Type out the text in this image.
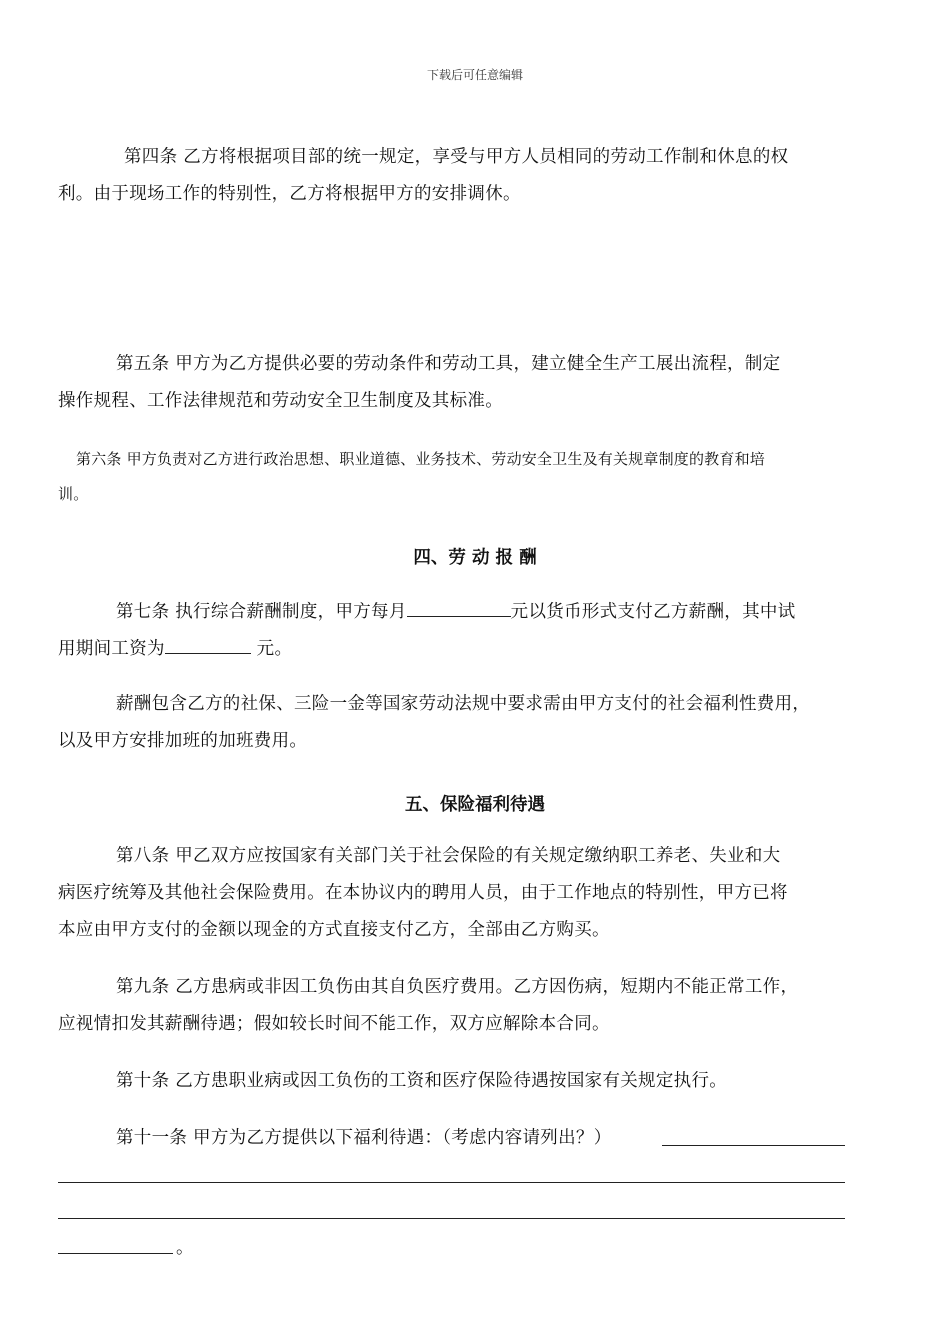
下载后可任意编辑
第四条 乙方将根据项目部的统一规定，享受与甲方人员相同的劳动工作制和休息的权
利。由于现场工作的特别性，乙方将根据甲方的安排调休。
第五条 甲方为乙方提供必要的劳动条件和劳动工具，建立健全生产工展出流程，制定
操作规程、工作法律规范和劳动安全卫生制度及其标准。
第六条 甲方负责对乙方进行政治思想、职业道德、业务技术、劳动安全卫生及有关规章制度的教育和培
训。
四、劳 动 报 酬
第七条 执行综合薪酬制度，甲方每月	元以货币形式支付乙方薪酬，其中试
用期间工资为	元。
薪酬包含乙方的社保、三险一金等国家劳动法规中要求需由甲方支付的社会福利性费用，
以及甲方安排加班的加班费用。
五、保险福利待遇
第八条 甲乙双方应按国家有关部门关于社会保险的有关规定缴纳职工养老、失业和大
病医疗统筹及其他社会保险费用。在本协议内的聘用人员，由于工作地点的特别性，甲方已将
本应由甲方支付的金额以现金的方式直接支付乙方，全部由乙方购买。
第九条 乙方患病或非因工负伤由其自负医疗费用。乙方因伤病，短期内不能正常工作，
应视情扣发其薪酬待遇；假如较长时间不能工作，双方应解除本合同。
第十条 乙方患职业病或因工负伤的工资和医疗保险待遇按国家有关规定执行。
第十一条 甲方为乙方提供以下福利待遇：（考虑内容请列出？）
。
